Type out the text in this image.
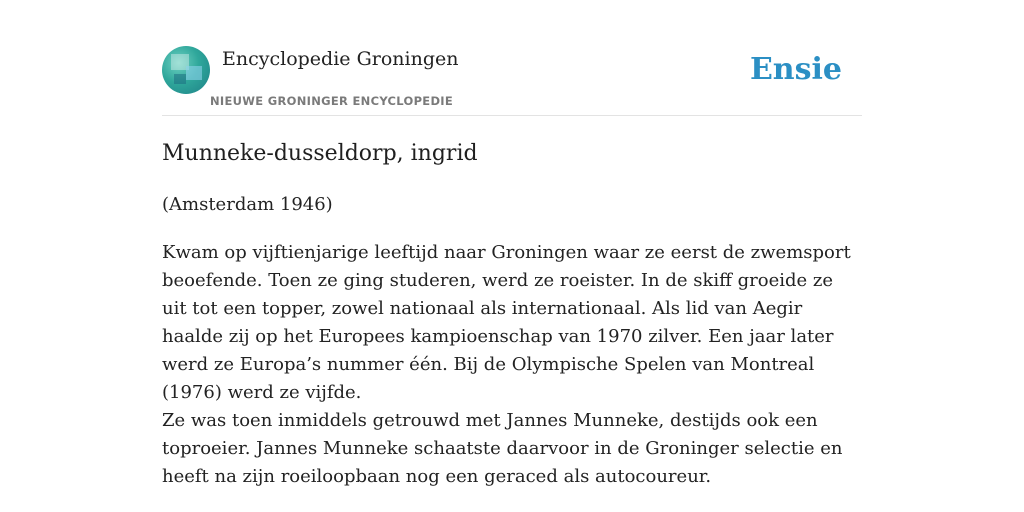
Encyclopedie Groningen
NIEUWE GRONINGER ENCYCLOPEDIE
Ensie
Munneke-dusseldorp, ingrid
(Amsterdam 1946)

Kwam op vijftienjarige leeftijd naar Groningen waar ze eerst de zwemsport beoefende. Toen ze ging studeren, werd ze roeister. In de skiff groeide ze uit tot een topper, zowel nationaal als internationaal. Als lid van Aegir haalde zij op het Europees kampioenschap van 1970 zilver. Een jaar later werd ze Europa’s nummer één. Bij de Olympische Spelen van Montreal (1976) werd ze vijfde.

Ze was toen inmiddels getrouwd met Jannes Munneke, destijds ook een toproeier. Jannes Munneke schaatste daarvoor in de Groninger selectie en heeft na zijn roeiloopbaan nog een geraced als autocoureur.
